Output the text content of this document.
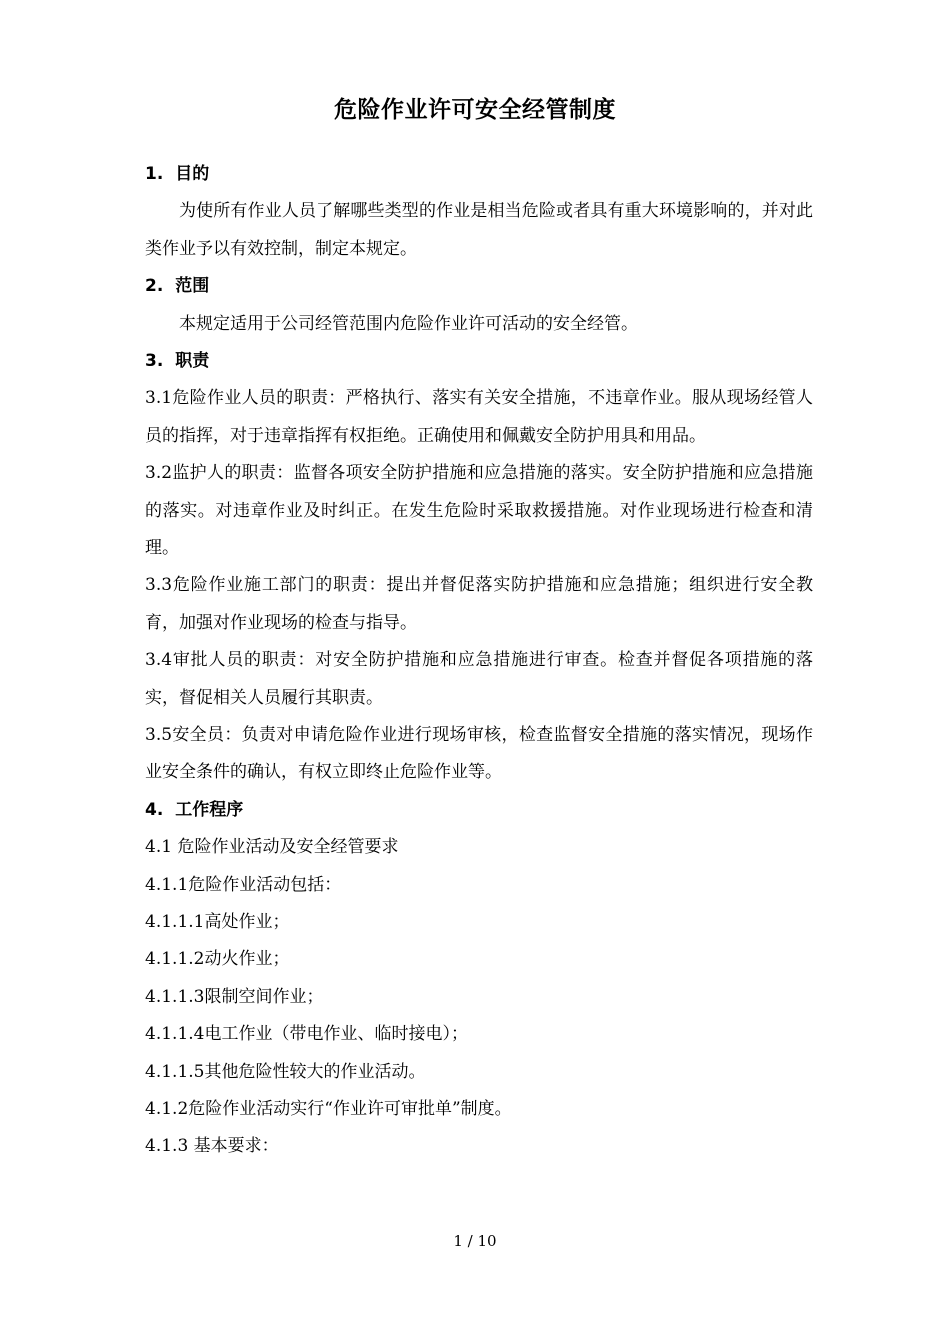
危险作业许可安全经管制度
1. 目的

为使所有作业人员了解哪些类型的作业是相当危险或者具有重大环境影响的，并对此类作业予以有效控制，制定本规定。

2. 范围

本规定适用于公司经管范围内危险作业许可活动的安全经管。

3. 职责

3.1危险作业人员的职责：严格执行、落实有关安全措施，不违章作业。服从现场经管人员的指挥，对于违章指挥有权拒绝。正确使用和佩戴安全防护用具和用品。

3.2监护人的职责：监督各项安全防护措施和应急措施的落实。安全防护措施和应急措施的落实。对违章作业及时纠正。在发生危险时采取救援措施。对作业现场进行检查和清理。

3.3危险作业施工部门的职责：提出并督促落实防护措施和应急措施；组织进行安全教育，加强对作业现场的检查与指导。

3.4审批人员的职责：对安全防护措施和应急措施进行审查。检查并督促各项措施的落实，督促相关人员履行其职责。

3.5安全员：负责对申请危险作业进行现场审核，检查监督安全措施的落实情况，现场作业安全条件的确认，有权立即终止危险作业等。

4. 工作程序

4.1 危险作业活动及安全经管要求

4.1.1危险作业活动包括：

4.1.1.1高处作业；

4.1.1.2动火作业；

4.1.1.3限制空间作业；

4.1.1.4电工作业（带电作业、临时接电）；

4.1.1.5其他危险性较大的作业活动。

4.1.2危险作业活动实行“作业许可审批单”制度。

4.1.3 基本要求：

1 / 10
